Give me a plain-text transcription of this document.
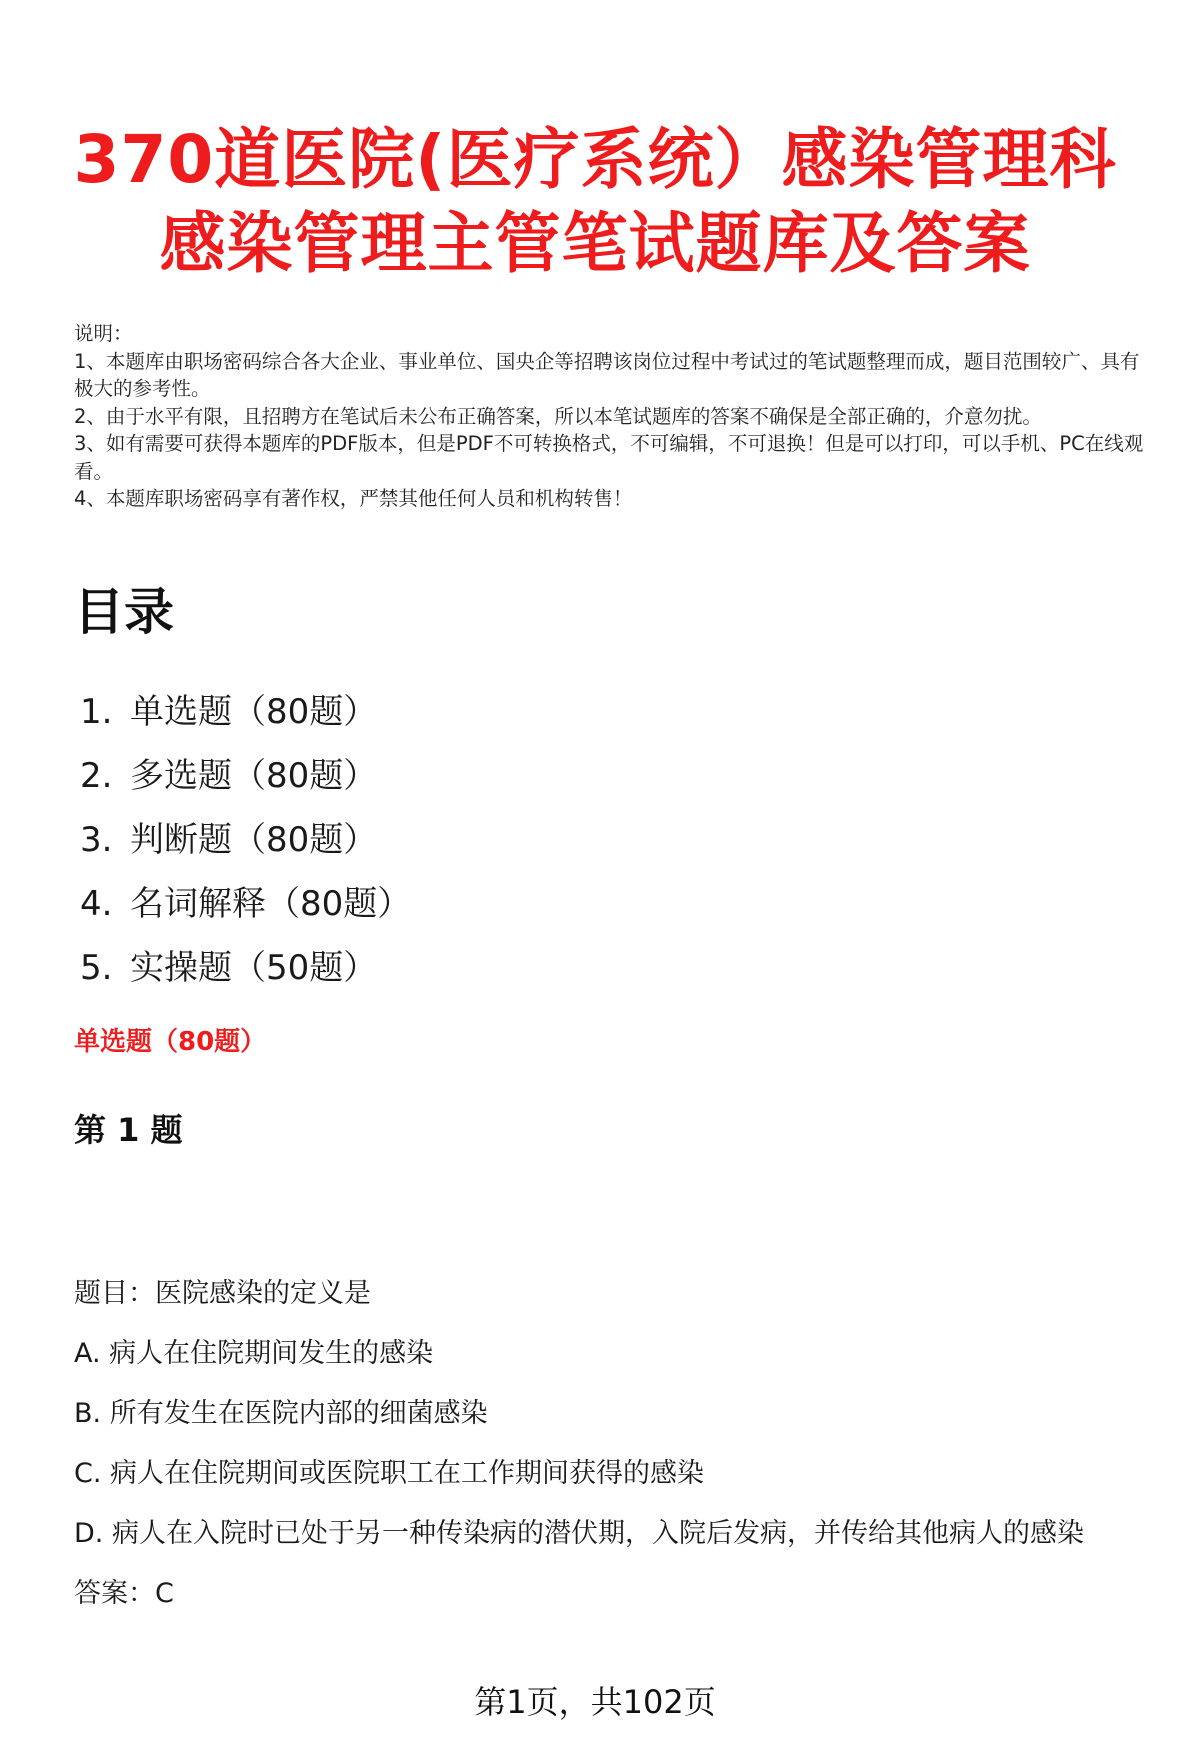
370道医院(医疗系统）感染管理科
感染管理主管笔试题库及答案

说明：

1、本题库由职场密码综合各大企业、事业单位、国央企等招聘该岗位过程中考试过的笔试题整理而成，题目范围较广、具有极大的参考性。

2、由于水平有限，且招聘方在笔试后未公布正确答案，所以本笔试题库的答案不确保是全部正确的，介意勿扰。

3、如有需要可获得本题库的PDF版本，但是PDF不可转换格式，不可编辑，不可退换！但是可以打印，可以手机、PC在线观看。

4、本题库职场密码享有著作权，严禁其他任何人员和机构转售！

目录
1. 单选题（80题）
2. 多选题（80题）
3. 判断题（80题）
4. 名词解释（80题）
5. 实操题（50题）
单选题（80题）
第 1 题

题目：医院感染的定义是

A. 病人在住院期间发生的感染

B. 所有发生在医院内部的细菌感染

C. 病人在住院期间或医院职工在工作期间获得的感染

D. 病人在入院时已处于另一种传染病的潜伏期，入院后发病，并传给其他病人的感染

答案：C

第1页，共102页
